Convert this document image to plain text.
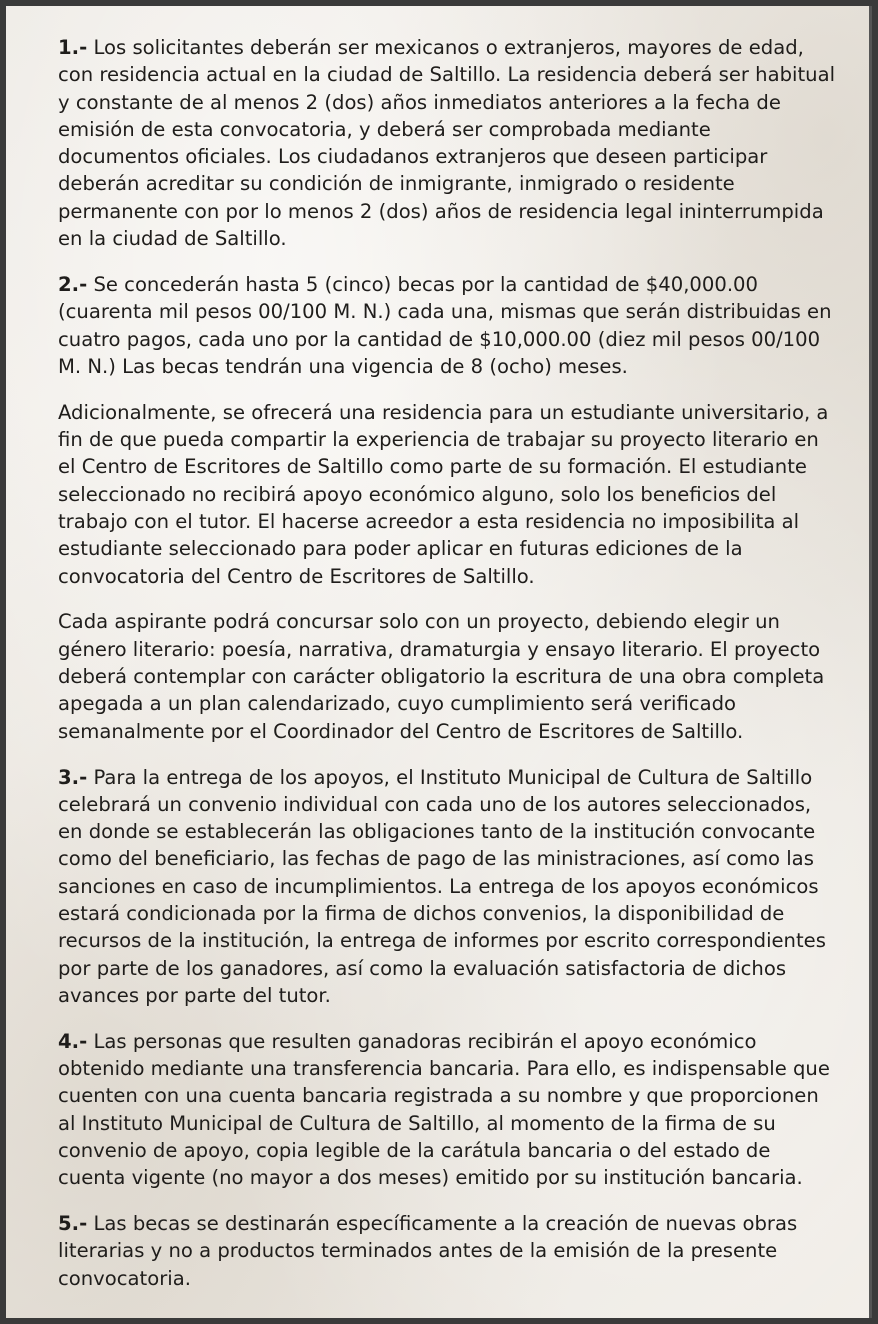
1.- Los solicitantes deberán ser mexicanos o extranjeros, mayores de edad, con residencia actual en la ciudad de Saltillo. La residencia deberá ser habitual y constante de al menos 2 (dos) años inmediatos anteriores a la fecha de emisión de esta convocatoria, y deberá ser comprobada mediante documentos oficiales. Los ciudadanos extranjeros que deseen participar deberán acreditar su condición de inmigrante, inmigrado o residente permanente con por lo menos 2 (dos) años de residencia legal ininterrumpida en la ciudad de Saltillo.

2.- Se concederán hasta 5 (cinco) becas por la cantidad de $40,000.00 (cuarenta mil pesos 00/100 M. N.) cada una, mismas que serán distribuidas en cuatro pagos, cada uno por la cantidad de $10,000.00 (diez mil pesos 00/100 M. N.) Las becas tendrán una vigencia de 8 (ocho) meses.

Adicionalmente, se ofrecerá una residencia para un estudiante universitario, a fin de que pueda compartir la experiencia de trabajar su proyecto literario en el Centro de Escritores de Saltillo como parte de su formación. El estudiante seleccionado no recibirá apoyo económico alguno, solo los beneficios del trabajo con el tutor. El hacerse acreedor a esta residencia no imposibilita al estudiante seleccionado para poder aplicar en futuras ediciones de la convocatoria del Centro de Escritores de Saltillo.

Cada aspirante podrá concursar solo con un proyecto, debiendo elegir un género literario: poesía, narrativa, dramaturgia y ensayo literario. El proyecto deberá contemplar con carácter obligatorio la escritura de una obra completa apegada a un plan calendarizado, cuyo cumplimiento será verificado semanalmente por el Coordinador del Centro de Escritores de Saltillo.

3.- Para la entrega de los apoyos, el Instituto Municipal de Cultura de Saltillo celebrará un convenio individual con cada uno de los autores seleccionados, en donde se establecerán las obligaciones tanto de la institución convocante como del beneficiario, las fechas de pago de las ministraciones, así como las sanciones en caso de incumplimientos. La entrega de los apoyos económicos estará condicionada por la firma de dichos convenios, la disponibilidad de recursos de la institución, la entrega de informes por escrito correspondientes por parte de los ganadores, así como la evaluación satisfactoria de dichos avances por parte del tutor.

4.- Las personas que resulten ganadoras recibirán el apoyo económico obtenido mediante una transferencia bancaria. Para ello, es indispensable que cuenten con una cuenta bancaria registrada a su nombre y que proporcionen al Instituto Municipal de Cultura de Saltillo, al momento de la firma de su convenio de apoyo, copia legible de la carátula bancaria o del estado de cuenta vigente (no mayor a dos meses) emitido por su institución bancaria.

5.- Las becas se destinarán específicamente a la creación de nuevas obras literarias y no a productos terminados antes de la emisión de la presente convocatoria.
